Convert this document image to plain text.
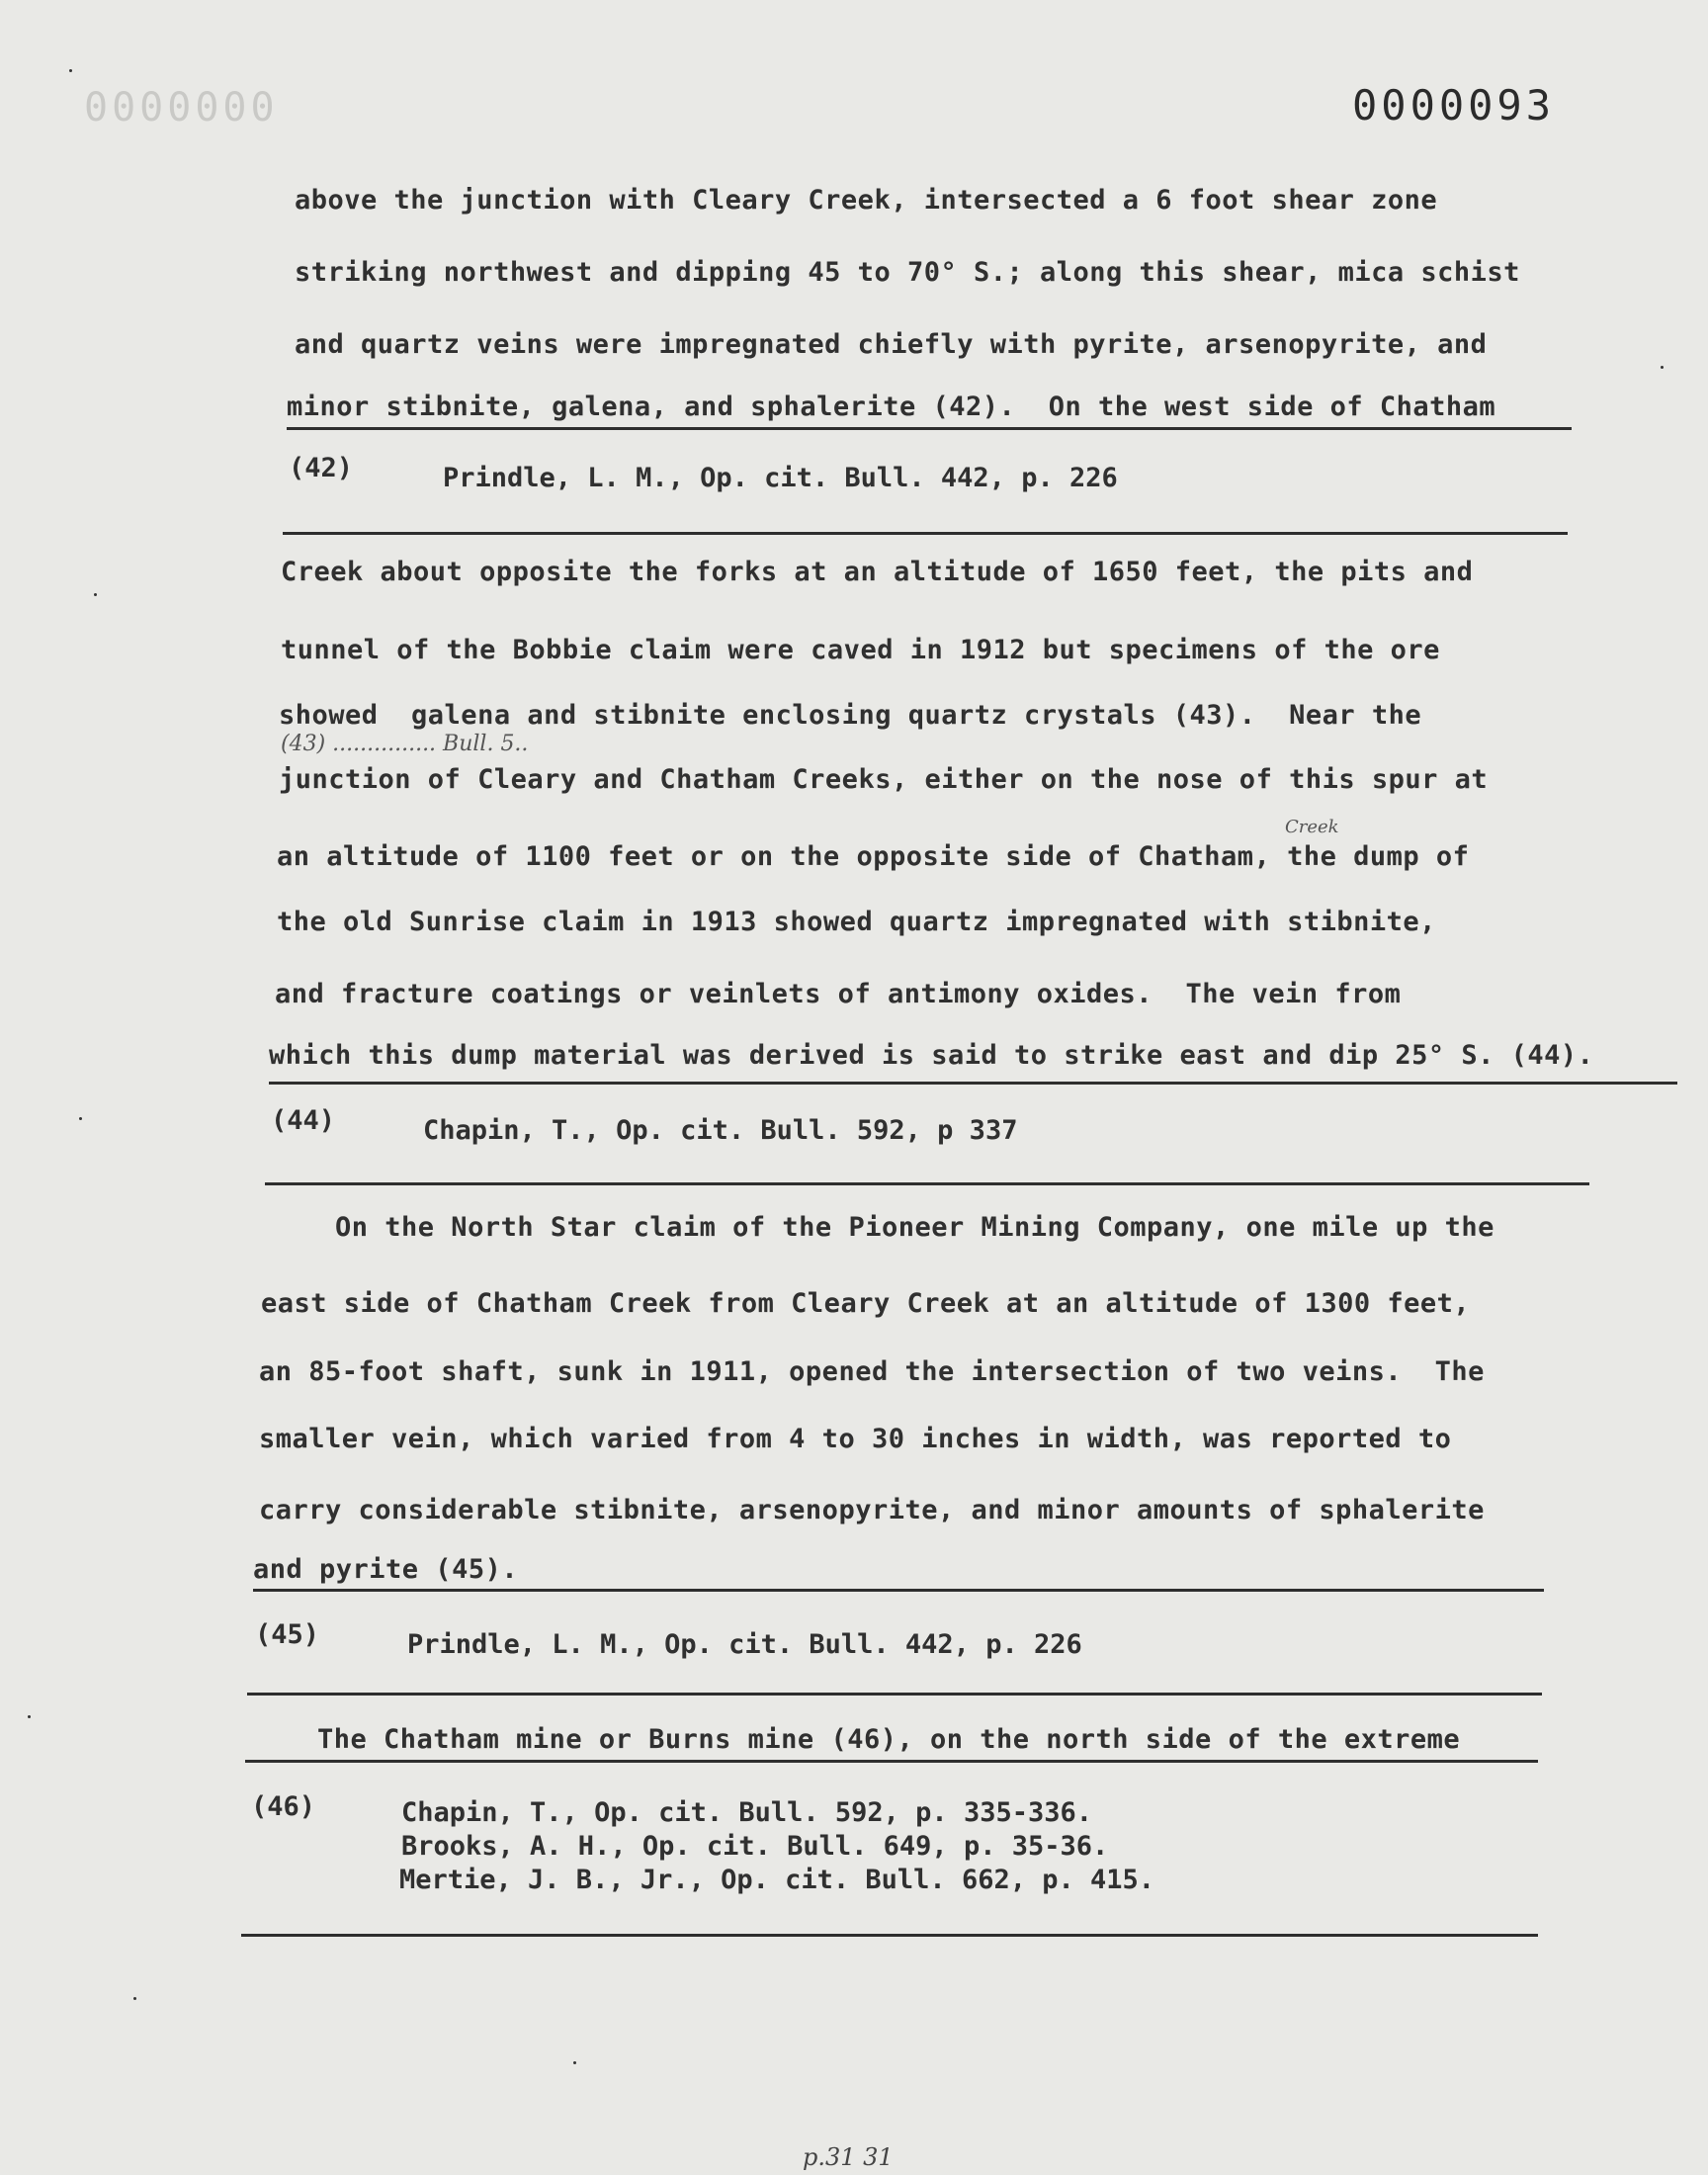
0000000	0000093
above the junction with Cleary Creek, intersected a 6 foot shear zone
striking northwest and dipping 45 to 70° S.; along this shear, mica schist
and quartz veins were impregnated chiefly with pyrite, arsenopyrite, and
minor stibnite, galena, and sphalerite (42).  On the west side of Chatham
(42)	Prindle, L. M., Op. cit. Bull. 442, p. 226
Creek about opposite the forks at an altitude of 1650 feet, the pits and
tunnel of the Bobbie claim were caved in 1912 but specimens of the ore
showed  galena and stibnite enclosing quartz crystals (43).  Near the
(43) ............... Bull. 5..
junction of Cleary and Chatham Creeks, either on the nose of this spur at
an altitude of 1100 feet or on the opposite side of Chatham, the dump of
Creek
the old Sunrise claim in 1913 showed quartz impregnated with stibnite,
and fracture coatings or veinlets of antimony oxides.  The vein from
which this dump material was derived is said to strike east and dip 25° S. (44).
(44)	Chapin, T., Op. cit. Bull. 592, p 337
On the North Star claim of the Pioneer Mining Company, one mile up the
east side of Chatham Creek from Cleary Creek at an altitude of 1300 feet,
an 85-foot shaft, sunk in 1911, opened the intersection of two veins.  The
smaller vein, which varied from 4 to 30 inches in width, was reported to
carry considerable stibnite, arsenopyrite, and minor amounts of sphalerite
and pyrite (45).
(45)	Prindle, L. M., Op. cit. Bull. 442, p. 226
The Chatham mine or Burns mine (46), on the north side of the extreme
(46)	Chapin, T., Op. cit. Bull. 592, p. 335-336.
Brooks, A. H., Op. cit. Bull. 649, p. 35-36.
Mertie, J. B., Jr., Op. cit. Bull. 662, p. 415.
p.31 31
